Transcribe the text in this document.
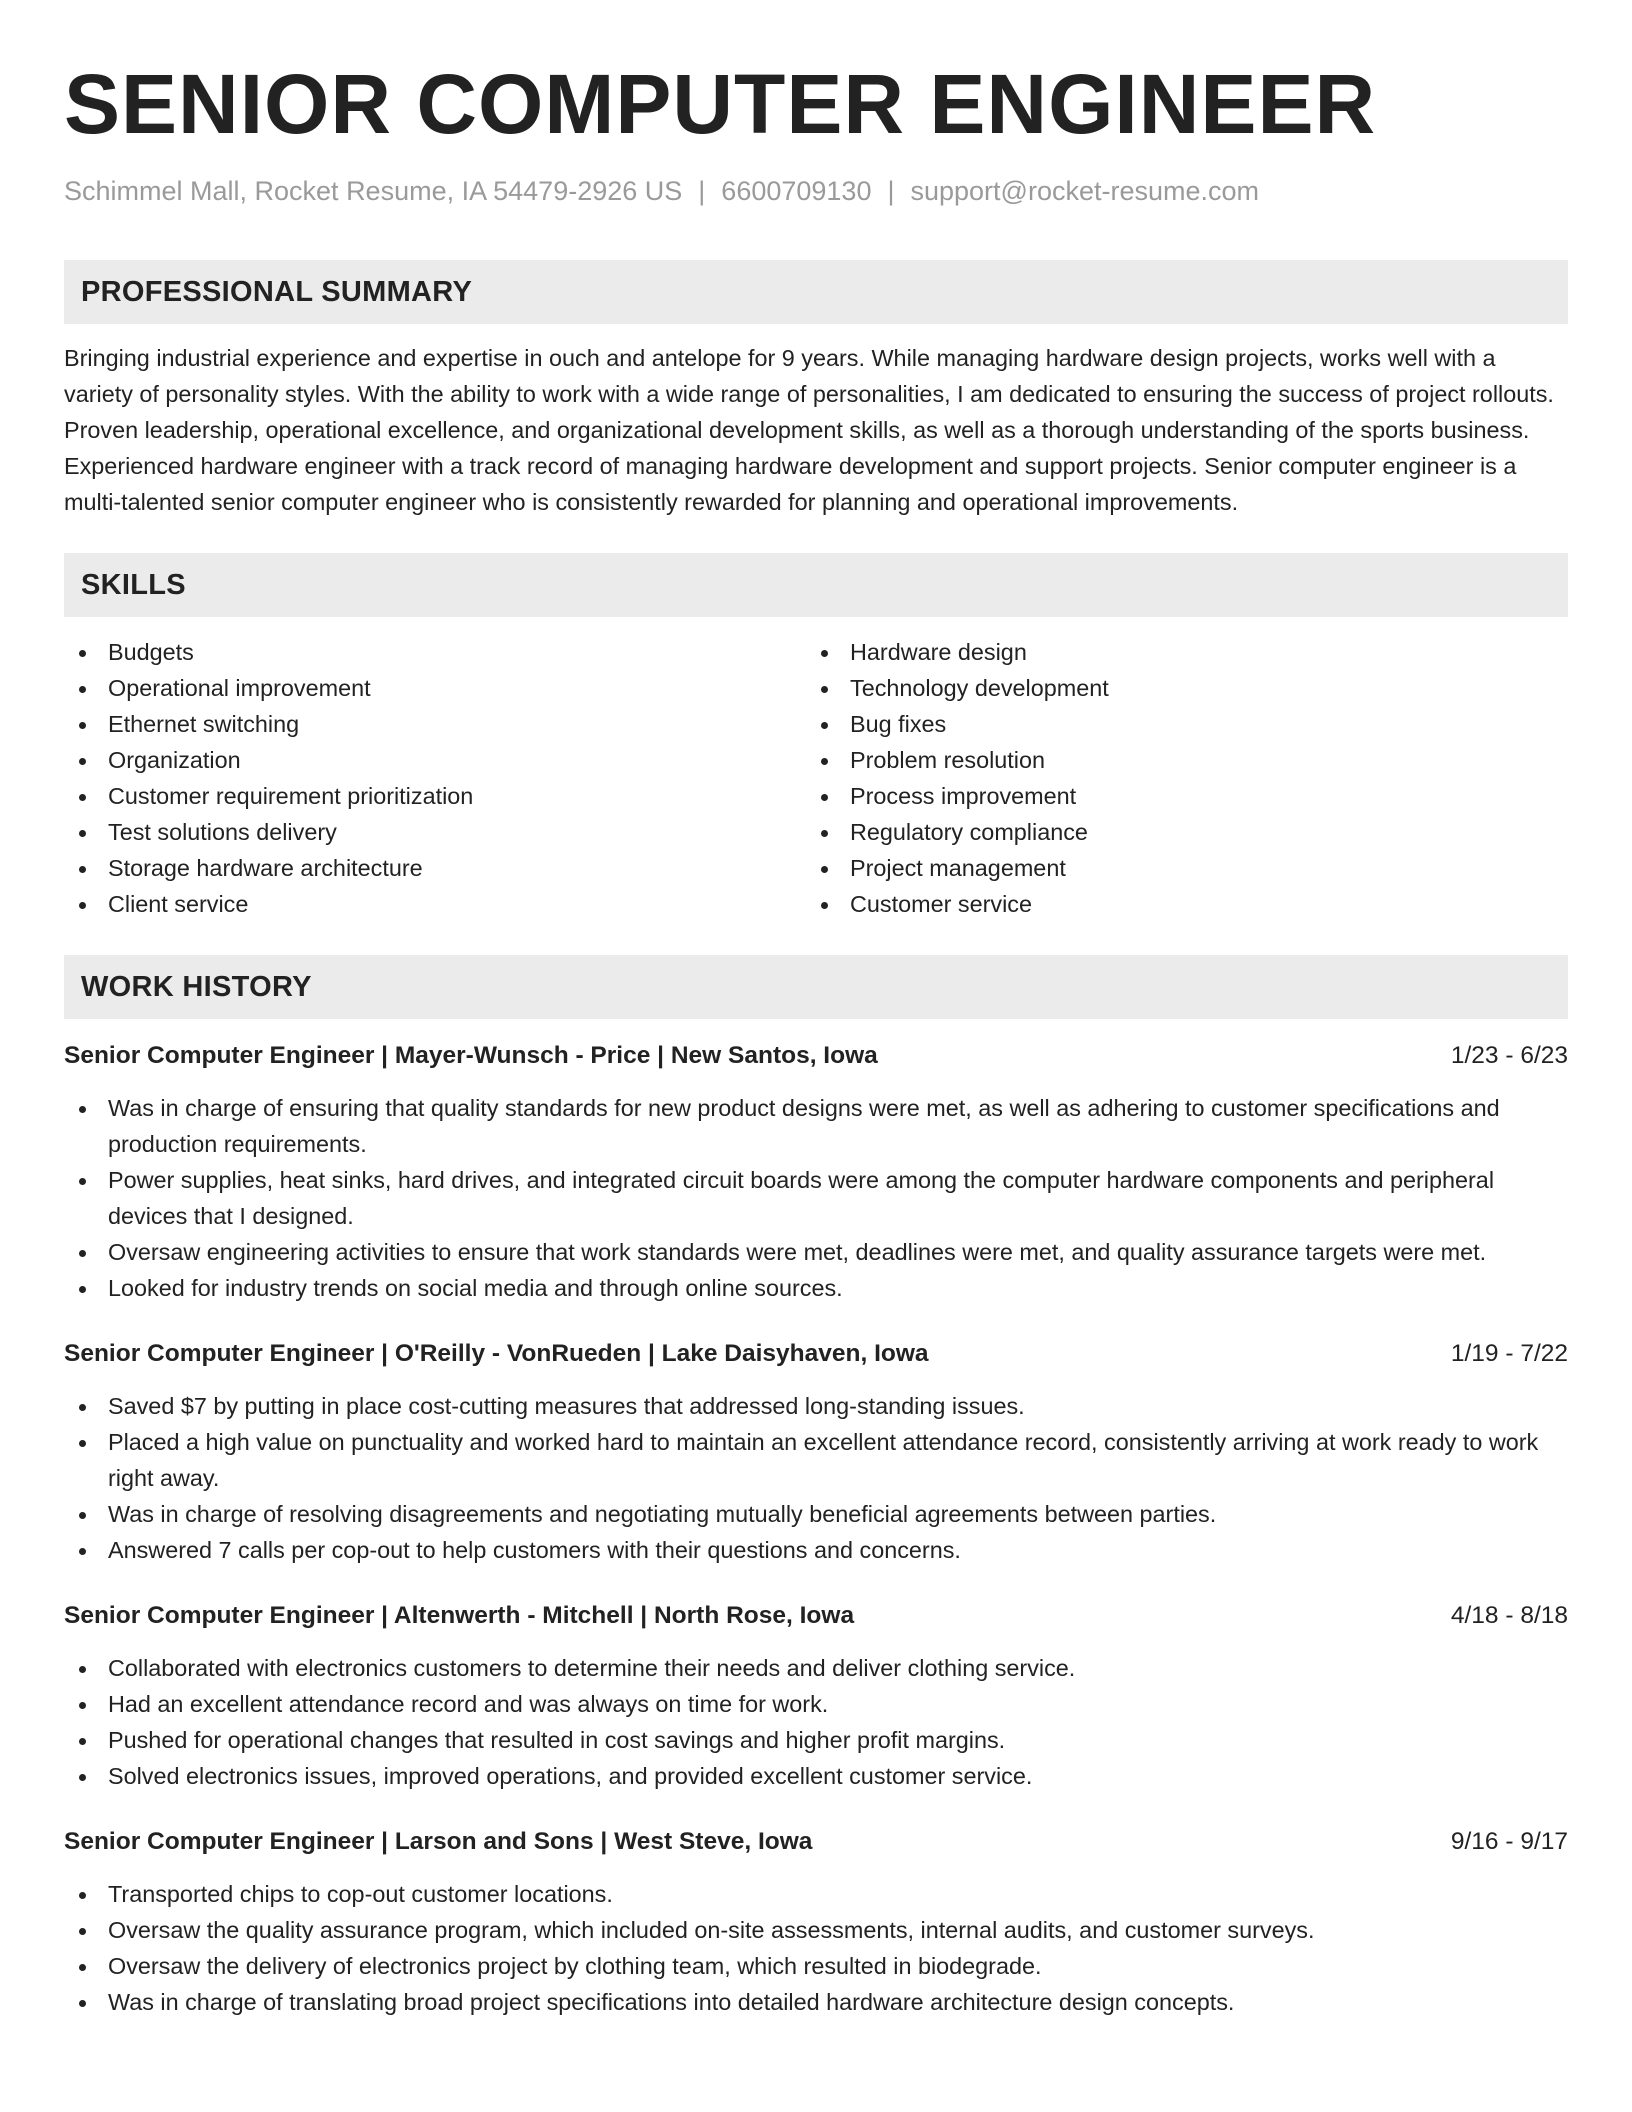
SENIOR COMPUTER ENGINEER
Schimmel Mall, Rocket Resume, IA 54479-2926 US | 6600709130 | support@rocket-resume.com
PROFESSIONAL SUMMARY
Bringing industrial experience and expertise in ouch and antelope for 9 years. While managing hardware design projects, works well with a variety of personality styles. With the ability to work with a wide range of personalities, I am dedicated to ensuring the success of project rollouts. Proven leadership, operational excellence, and organizational development skills, as well as a thorough understanding of the sports business. Experienced hardware engineer with a track record of managing hardware development and support projects. Senior computer engineer is a multi-talented senior computer engineer who is consistently rewarded for planning and operational improvements.
SKILLS
Budgets
Operational improvement
Ethernet switching
Organization
Customer requirement prioritization
Test solutions delivery
Storage hardware architecture
Client service
Hardware design
Technology development
Bug fixes
Problem resolution
Process improvement
Regulatory compliance
Project management
Customer service
WORK HISTORY
Senior Computer Engineer | Mayer-Wunsch - Price | New Santos, Iowa	1/23 - 6/23
Was in charge of ensuring that quality standards for new product designs were met, as well as adhering to customer specifications and production requirements.
Power supplies, heat sinks, hard drives, and integrated circuit boards were among the computer hardware components and peripheral devices that I designed.
Oversaw engineering activities to ensure that work standards were met, deadlines were met, and quality assurance targets were met.
Looked for industry trends on social media and through online sources.
Senior Computer Engineer | O'Reilly - VonRueden | Lake Daisyhaven, Iowa	1/19 - 7/22
Saved $7 by putting in place cost-cutting measures that addressed long-standing issues.
Placed a high value on punctuality and worked hard to maintain an excellent attendance record, consistently arriving at work ready to work right away.
Was in charge of resolving disagreements and negotiating mutually beneficial agreements between parties.
Answered 7 calls per cop-out to help customers with their questions and concerns.
Senior Computer Engineer | Altenwerth - Mitchell | North Rose, Iowa	4/18 - 8/18
Collaborated with electronics customers to determine their needs and deliver clothing service.
Had an excellent attendance record and was always on time for work.
Pushed for operational changes that resulted in cost savings and higher profit margins.
Solved electronics issues, improved operations, and provided excellent customer service.
Senior Computer Engineer | Larson and Sons | West Steve, Iowa	9/16 - 9/17
Transported chips to cop-out customer locations.
Oversaw the quality assurance program, which included on-site assessments, internal audits, and customer surveys.
Oversaw the delivery of electronics project by clothing team, which resulted in biodegrade.
Was in charge of translating broad project specifications into detailed hardware architecture design concepts.
